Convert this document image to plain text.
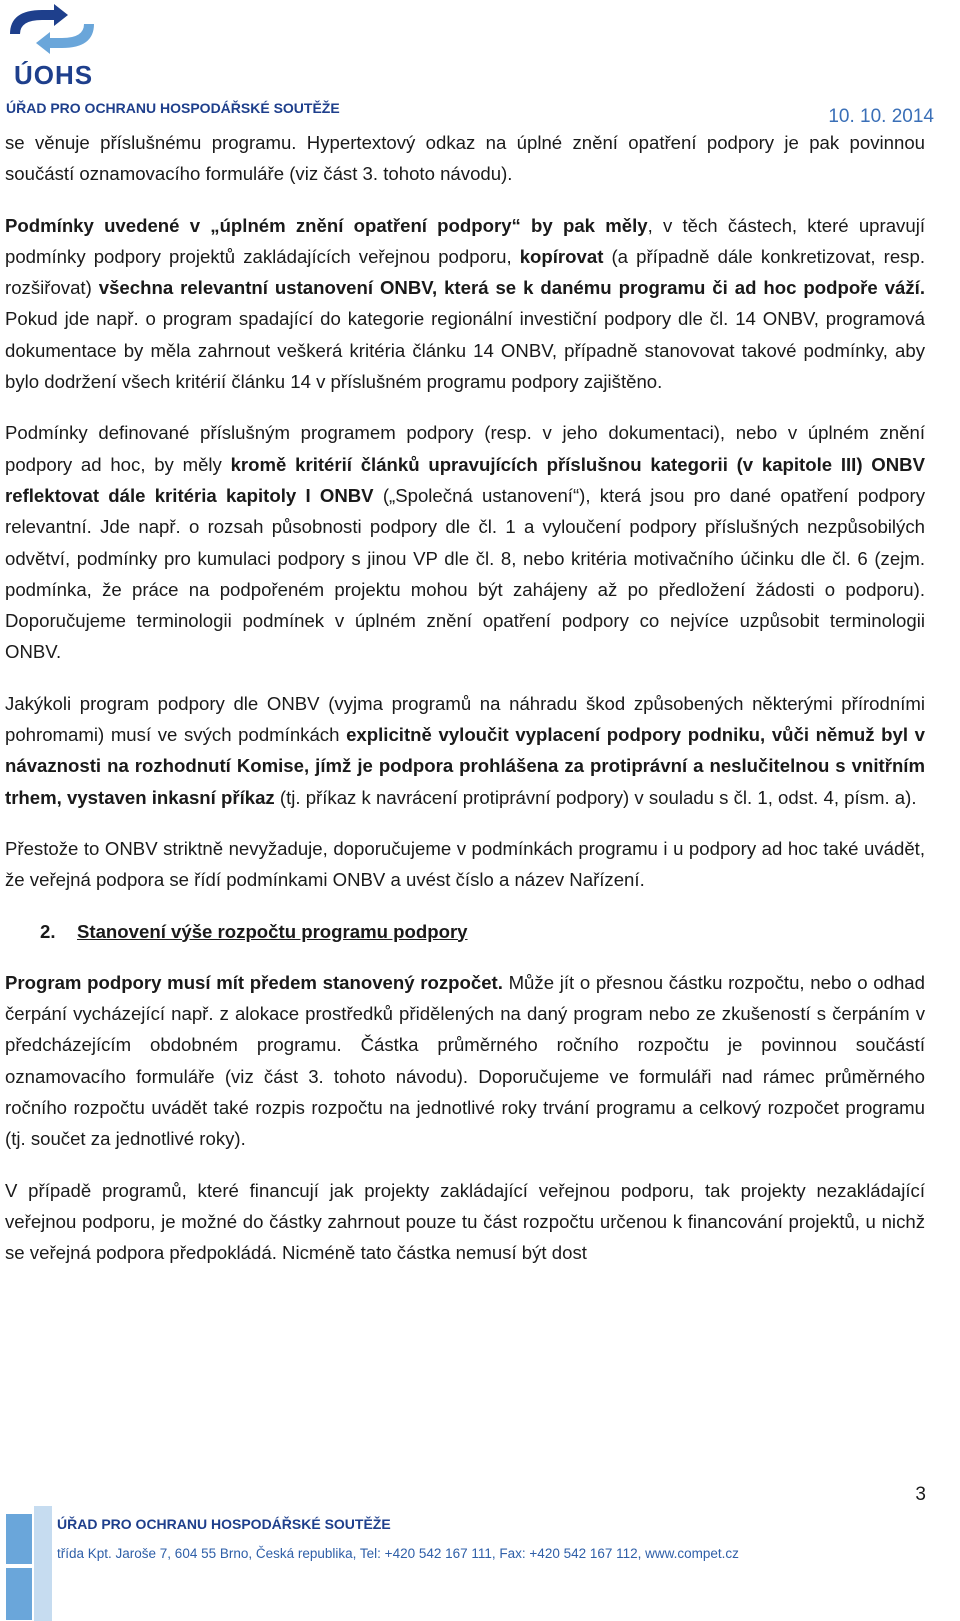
ÚOHS
ÚŘAD PRO OCHRANU HOSPODÁŘSKÉ SOUTĚŽE	10. 10. 2014

se věnuje příslušnému programu. Hypertextový odkaz na úplné znění opatření podpory je pak povinnou součástí oznamovacího formuláře (viz část 3. tohoto návodu).

Podmínky uvedené v „úplném znění opatření podpory“ by pak měly, v těch částech, které upravují podmínky podpory projektů zakládajících veřejnou podporu, kopírovat (a případně dále konkretizovat, resp. rozšiřovat) všechna relevantní ustanovení ONBV, která se k danému programu či ad hoc podpoře váží. Pokud jde např. o program spadající do kategorie regionální investiční podpory dle čl. 14 ONBV, programová dokumentace by měla zahrnout veškerá kritéria článku 14 ONBV, případně stanovovat takové podmínky, aby bylo dodržení všech kritérií článku 14 v příslušném programu podpory zajištěno.

Podmínky definované příslušným programem podpory (resp. v jeho dokumentaci), nebo v úplném znění podpory ad hoc, by měly kromě kritérií článků upravujících příslušnou kategorii (v kapitole III) ONBV reflektovat dále kritéria kapitoly I ONBV („Společná ustanovení“), která jsou pro dané opatření podpory relevantní. Jde např. o rozsah působnosti podpory dle čl. 1 a vyloučení podpory příslušných nezpůsobilých odvětví, podmínky pro kumulaci podpory s jinou VP dle čl. 8, nebo kritéria motivačního účinku dle čl. 6 (zejm. podmínka, že práce na podpořeném projektu mohou být zahájeny až po předložení žádosti o podporu). Doporučujeme terminologii podmínek v úplném znění opatření podpory co nejvíce uzpůsobit terminologii ONBV.

Jakýkoli program podpory dle ONBV (vyjma programů na náhradu škod způsobených některými přírodními pohromami) musí ve svých podmínkách explicitně vyloučit vyplacení podpory podniku, vůči němuž byl v návaznosti na rozhodnutí Komise, jímž je podpora prohlášena za protiprávní a neslučitelnou s vnitřním trhem, vystaven inkasní příkaz (tj. příkaz k navrácení protiprávní podpory) v souladu s čl. 1, odst. 4, písm. a).

Přestože to ONBV striktně nevyžaduje, doporučujeme v podmínkách programu i u podpory ad hoc také uvádět, že veřejná podpora se řídí podmínkami ONBV a uvést číslo a název Nařízení.

2. Stanovení výše rozpočtu programu podpory

Program podpory musí mít předem stanovený rozpočet. Může jít o přesnou částku rozpočtu, nebo o odhad čerpání vycházející např. z alokace prostředků přidělených na daný program nebo ze zkušeností s čerpáním v předcházejícím obdobném programu. Částka průměrného ročního rozpočtu je povinnou součástí oznamovacího formuláře (viz část 3. tohoto návodu). Doporučujeme ve formuláři nad rámec průměrného ročního rozpočtu uvádět také rozpis rozpočtu na jednotlivé roky trvání programu a celkový rozpočet programu (tj. součet za jednotlivé roky).

V případě programů, které financují jak projekty zakládající veřejnou podporu, tak projekty nezakládající veřejnou podporu, je možné do částky zahrnout pouze tu část rozpočtu určenou k financování projektů, u nichž se veřejná podpora předpokládá. Nicméně tato částka nemusí být dost

3
ÚŘAD PRO OCHRANU HOSPODÁŘSKÉ SOUTĚŽE
třída Kpt. Jaroše 7, 604 55 Brno, Česká republika, Tel: +420 542 167 111, Fax: +420 542 167 112, www.compet.cz
